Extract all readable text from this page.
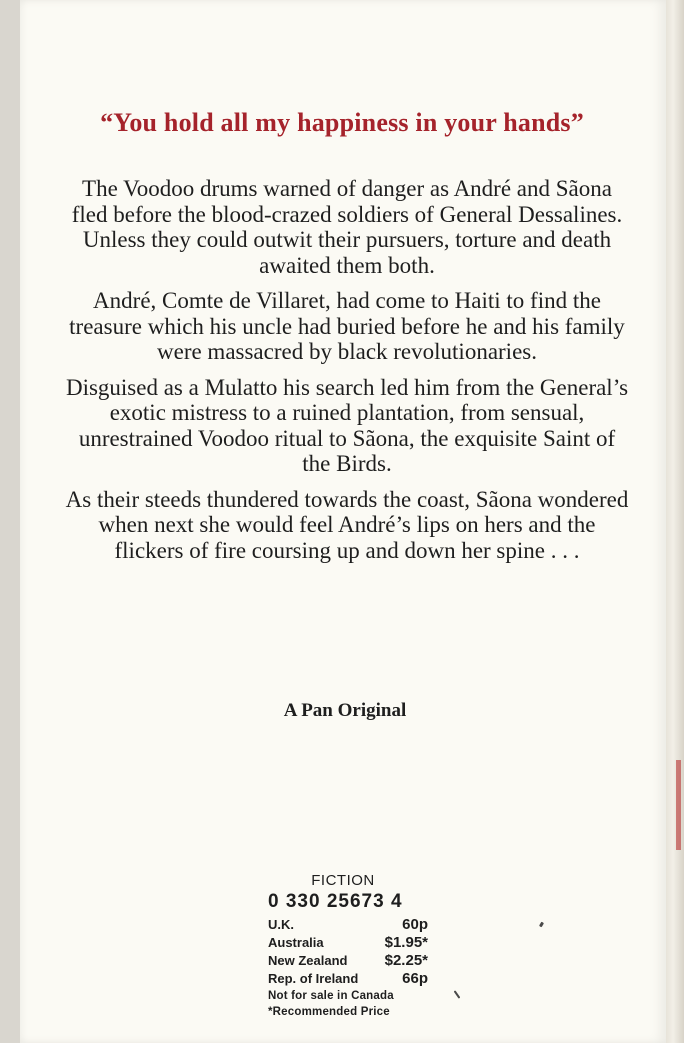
“You hold all my happiness in your hands”

The Voodoo drums warned of danger as André and Sãona fled before the blood-crazed soldiers of General Dessalines. Unless they could outwit their pursuers, torture and death awaited them both.

André, Comte de Villaret, had come to Haiti to find the treasure which his uncle had buried before he and his family were massacred by black revolutionaries.

Disguised as a Mulatto his search led him from the General’s exotic mistress to a ruined plantation, from sensual, unrestrained Voodoo ritual to Sãona, the exquisite Saint of the Birds.

As their steeds thundered towards the coast, Sãona wondered when next she would feel André’s lips on hers and the flickers of fire coursing up and down her spine . . .

A Pan Original
FICTION
0 330 25673 4
U.K.	60p
Australia	$1.95*
New Zealand $2.25*
Rep. of Ireland	66p
Not for sale in Canada
*Recommended Price
